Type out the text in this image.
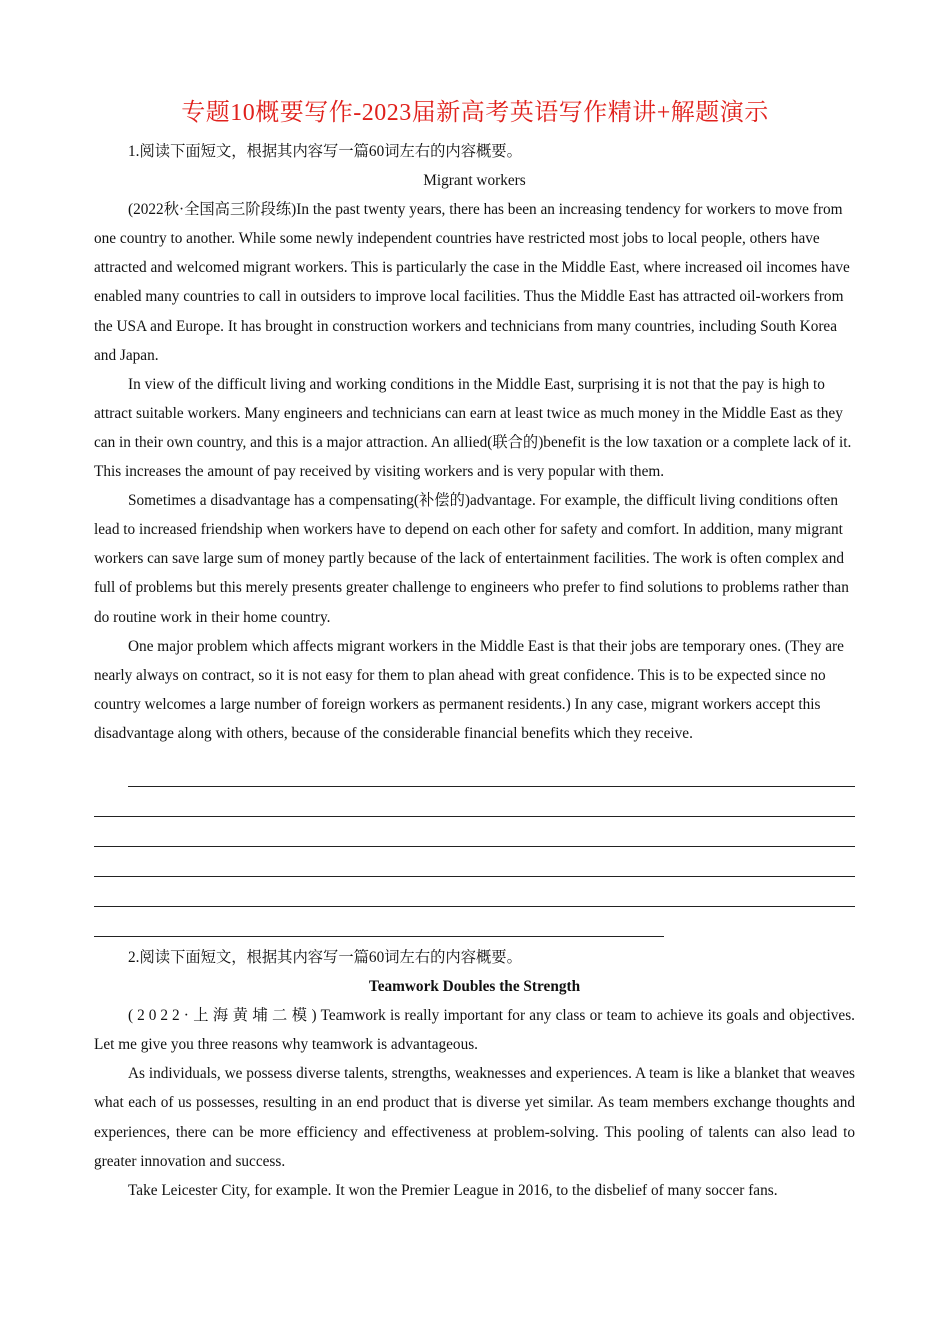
专题10概要写作-2023届新高考英语写作精讲+解题演示

1.阅读下面短文，根据其内容写一篇60词左右的内容概要。

Migrant workers

(2022秋·全国高三阶段练)In the past twenty years, there has been an increasing tendency for workers to move from one country to another. While some newly independent countries have restricted most jobs to local people, others have attracted and welcomed migrant workers. This is particularly the case in the Middle East, where increased oil incomes have enabled many countries to call in outsiders to improve local facilities. Thus the Middle East has attracted oil-workers from the USA and Europe. It has brought in construction workers and technicians from many countries, including South Korea and Japan.

In view of the difficult living and working conditions in the Middle East, surprising it is not that the pay is high to attract suitable workers. Many engineers and technicians can earn at least twice as much money in the Middle East as they can in their own country, and this is a major attraction. An allied(联合的)benefit is the low taxation or a complete lack of it. This increases the amount of pay received by visiting workers and is very popular with them.

Sometimes a disadvantage has a compensating(补偿的)advantage. For example, the difficult living conditions often lead to increased friendship when workers have to depend on each other for safety and comfort. In addition, many migrant workers can save large sum of money partly because of the lack of entertainment facilities. The work is often complex and full of problems but this merely presents greater challenge to engineers who prefer to find solutions to problems rather than do routine work in their home country.

One major problem which affects migrant workers in the Middle East is that their jobs are temporary ones. (They are nearly always on contract, so it is not easy for them to plan ahead with great confidence. This is to be expected since no country welcomes a large number of foreign workers as permanent residents.) In any case, migrant workers accept this disadvantage along with others, because of the considerable financial benefits which they receive.

2.阅读下面短文，根据其内容写一篇60词左右的内容概要。

Teamwork Doubles the Strength

(2022·上海黄埔二模)Teamwork is really important for any class or team to achieve its goals and objectives. Let me give you three reasons why teamwork is advantageous.

As individuals, we possess diverse talents, strengths, weaknesses and experiences. A team is like a blanket that weaves what each of us possesses, resulting in an end product that is diverse yet similar. As team members exchange thoughts and experiences, there can be more efficiency and effectiveness at problem-solving. This pooling of talents can also lead to greater innovation and success.

Take Leicester City, for example. It won the Premier League in 2016, to the disbelief of many soccer fans.
